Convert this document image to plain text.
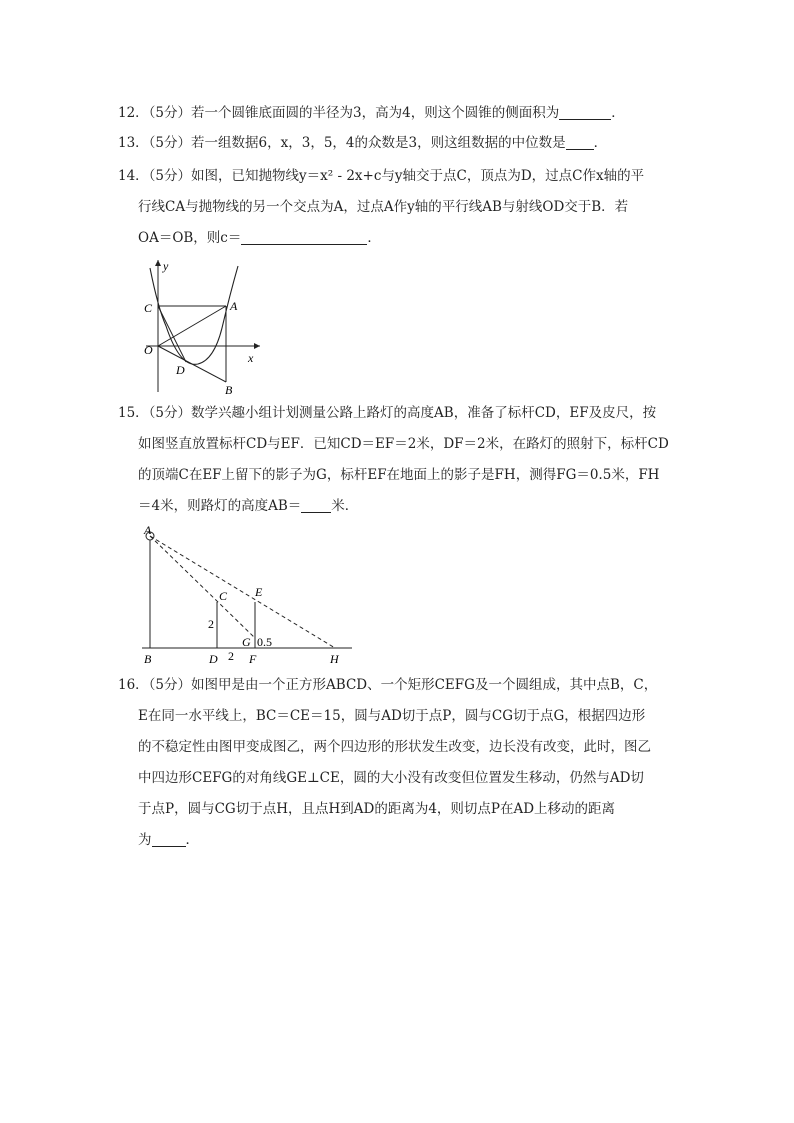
12．（5分）若一个圆锥底面圆的半径为3，高为4，则这个圆锥的侧面积为	．
13．（5分）若一组数据6，x，3，5，4的众数是3，则这组数据的中位数是 ．
14．（5分）如图，已知抛物线y＝x² - 2x+c与y轴交于点C，顶点为D，过点C作x轴的平
行线CA与抛物线的另一个交点为A，过点A作y轴的平行线AB与射线OD交于B．若
OA＝OB，则c＝	．
y
x
C	A
O
D
B
15．（5分）数学兴趣小组计划测量公路上路灯的高度AB，准备了标杆CD，EF及皮尺，按
如图竖直放置标杆CD与EF．已知CD＝EF＝2米，DF＝2米，在路灯的照射下，标杆CD
的顶端C在EF上留下的影子为G，标杆EF在地面上的影子是FH，测得FG＝0.5米，FH
＝4米，则路灯的高度AB＝ 米．
A
C E
2
G 0.5
B	D 2 F	H
16．（5分）如图甲是由一个正方形ABCD、一个矩形CEFG及一个圆组成，其中点B，C，
E在同一水平线上，BC＝CE＝15，圆与AD切于点P，圆与CG切于点G，根据四边形
的不稳定性由图甲变成图乙，两个四边形的形状发生改变，边长没有改变，此时，图乙
中四边形CEFG的对角线GE⊥CE，圆的大小没有改变但位置发生移动，仍然与AD切
于点P，圆与CG切于点H，且点H到AD的距离为4，则切点P在AD上移动的距离
为	．
